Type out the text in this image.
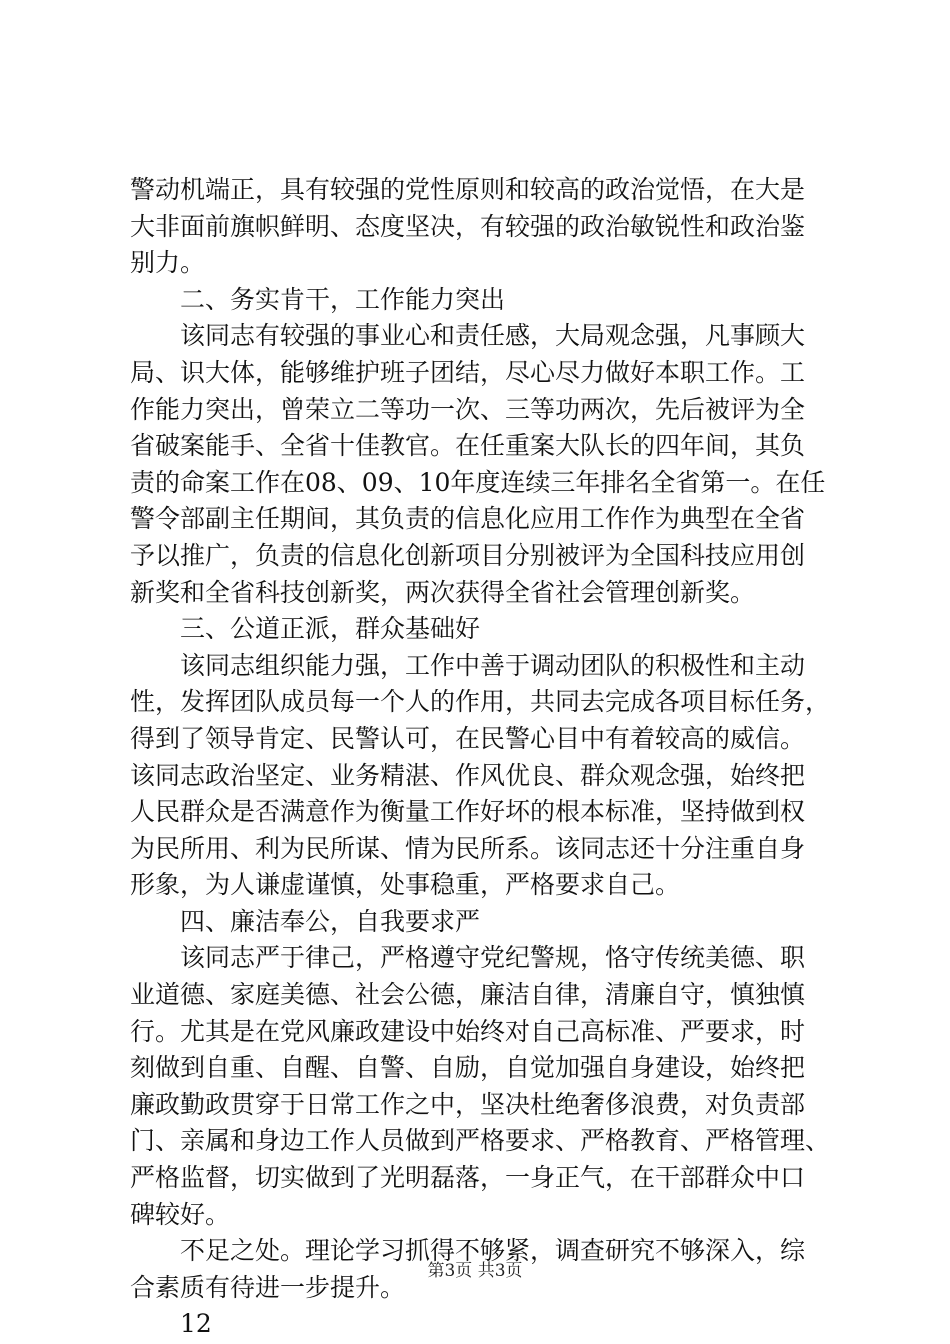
警动机端正，具有较强的党性原则和较高的政治觉悟，在大是
大非面前旗帜鲜明、态度坚决，有较强的政治敏锐性和政治鉴
别力。
二、务实肯干，工作能力突出
该同志有较强的事业心和责任感，大局观念强，凡事顾大
局、识大体，能够维护班子团结，尽心尽力做好本职工作。工
作能力突出，曾荣立二等功一次、三等功两次，先后被评为全
省破案能手、全省十佳教官。在任重案大队长的四年间，其负
责的命案工作在08、09、10年度连续三年排名全省第一。在任
警令部副主任期间，其负责的信息化应用工作作为典型在全省
予以推广，负责的信息化创新项目分别被评为全国科技应用创
新奖和全省科技创新奖，两次获得全省社会管理创新奖。
三、公道正派，群众基础好
该同志组织能力强，工作中善于调动团队的积极性和主动
性，发挥团队成员每一个人的作用，共同去完成各项目标任务，
得到了领导肯定、民警认可，在民警心目中有着较高的威信。
该同志政治坚定、业务精湛、作风优良、群众观念强，始终把
人民群众是否满意作为衡量工作好坏的根本标准，坚持做到权
为民所用、利为民所谋、情为民所系。该同志还十分注重自身
形象，为人谦虚谨慎，处事稳重，严格要求自己。
四、廉洁奉公，自我要求严
该同志严于律己，严格遵守党纪警规，恪守传统美德、职
业道德、家庭美德、社会公德，廉洁自律，清廉自守，慎独慎
行。尤其是在党风廉政建设中始终对自己高标准、严要求，时
刻做到自重、自醒、自警、自励，自觉加强自身建设，始终把
廉政勤政贯穿于日常工作之中，坚决杜绝奢侈浪费，对负责部
门、亲属和身边工作人员做到严格要求、严格教育、严格管理、
严格监督，切实做到了光明磊落，一身正气，在干部群众中口
碑较好。
不足之处。理论学习抓得不够紧，调查研究不够深入，综
合素质有待进一步提升。
12
第3页 共3页
